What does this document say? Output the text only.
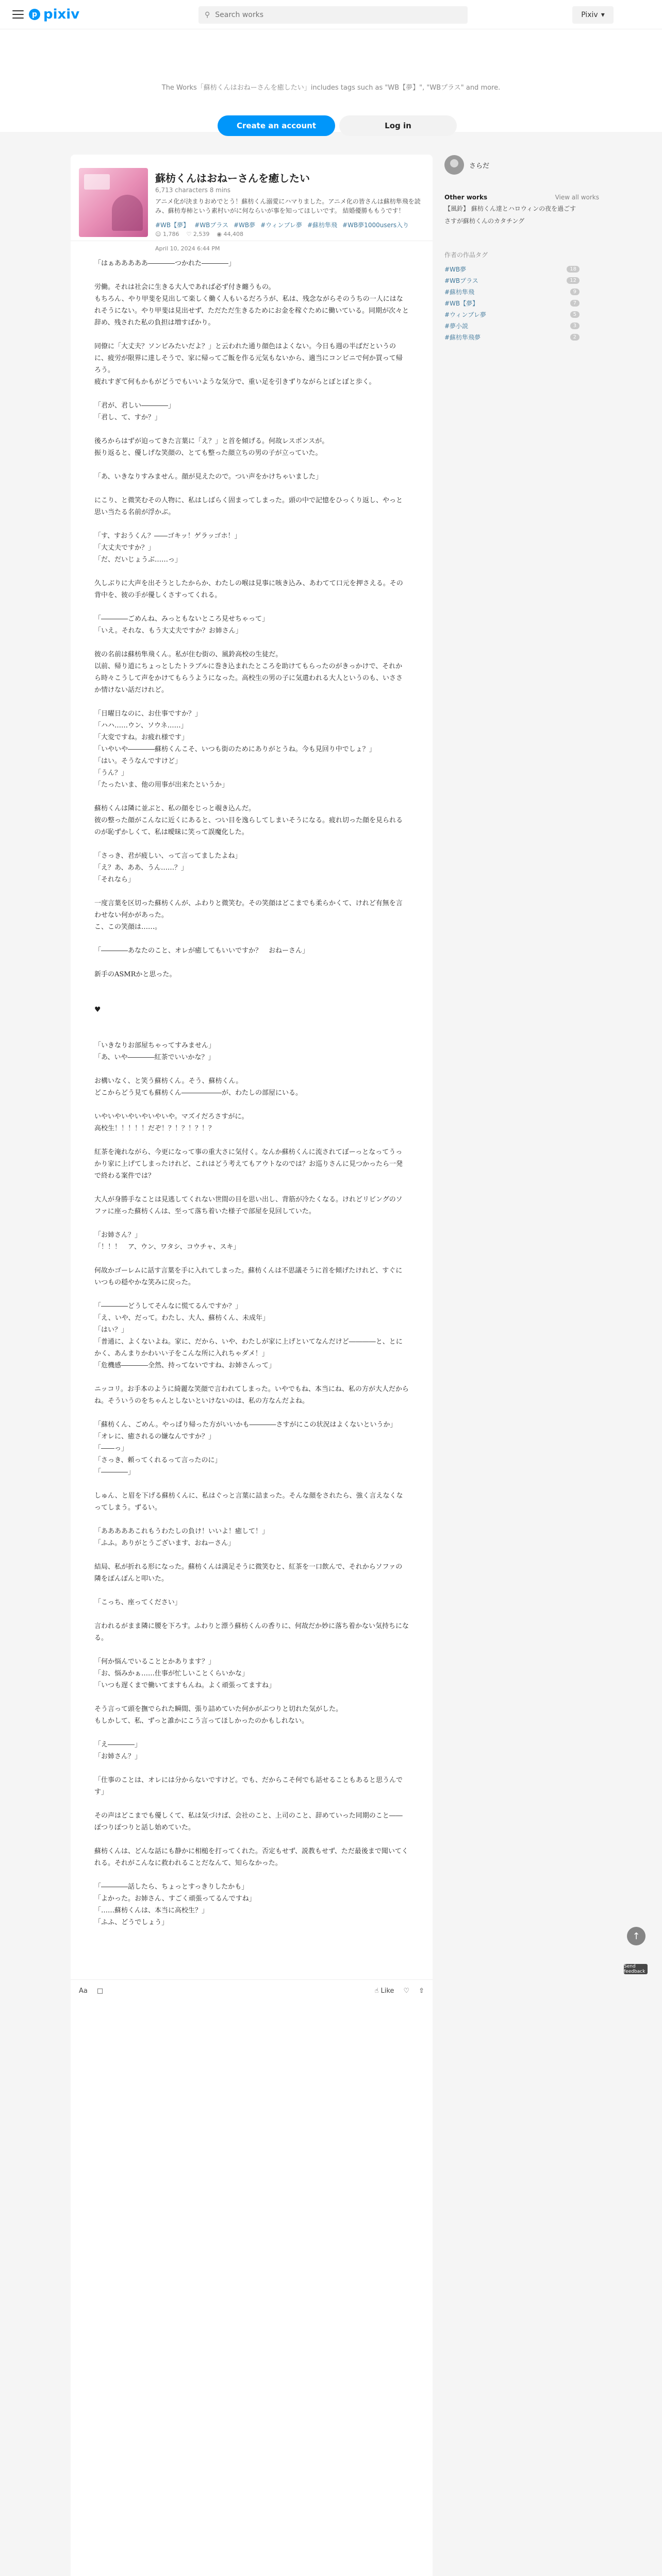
p pixiv	⚲
Search works	Pixiv ▾
The Works「蘇枋くんはおねーさんを癒したい」includes tags such as "WB【夢】", "WBプラス" and more.
Create an account	Log in
蘇枋くんはおねーさんを癒したい
6,713 characters 8 mins
アニメ化が決まりおめでとう！蘇枋くん溺愛にハマりました。アニメ化の皆さんは蘇枋隼飛を読み、蘇枋寿柿という素村いがに何ならいが事を知ってほしいです。 結婚優勝ももうです！
#WB【夢】 #WBプラス #WB夢 #ウィンブレ夢 #蘇枋隼飛 #WB夢1000users入り
☺ 1,786 ♡ 2,539 ◉ 44,408
April 10, 2024 6:44 PM

「はぁあああああ――――つかれた――――」

労働。それは社会に生きる大人であれば必ず付き纏うもの。
もちろん、やり甲斐を見出して楽しく働く人もいるだろうが、私は、残念ながらそのうちの一人にはなれそうにない。やり甲斐は見出せず、ただただ生きるためにお金を稼ぐために働いている。同期が次々と辞め、残された私の負担は増すばかり。

同僚に「大丈夫？ソンビみたいだよ？」と云われた通り顔色はよくない。今日も週の半ばだというのに、疲労が限界に達しそうで、家に帰ってご飯を作る元気もないから、適当にコンビニで何か買って帰ろう。
疲れすぎて何もかもがどうでもいいような気分で、重い足を引きずりながらとぼとぼと歩く。

「君が、君しい――――」
「君し、て、すか？」

後ろからはずが迫ってきた言葉に「え？」と首を傾げる。何故レスポンスが。
振り返ると、優しげな笑顔の、とても整った顔立ちの男の子が立っていた。

「あ、いきなりすみません。顔が見えたので。つい声をかけちゃいました」

にこり、と微笑むその人物に、私はしばらく固まってしまった。頭の中で記憶をひっくり返し、やっと思い当たる名前が浮かぶ。

「す、すおうくん？――ゴキッ！ゲラッゴホ！」
「大丈夫ですか？」
「だ、だいじょうぶ……っ」

久しぶりに大声を出そうとしたからか、わたしの喉は見事に咳き込み、あわてて口元を押さえる。その背中を、彼の手が優しくさすってくれる。

「――――ごめんね、みっともないところ見せちゃって」
「いえ。それな、もう大丈夫ですか？お姉さん」

彼の名前は蘇枋隼飛くん。私が住む街の、風鈴高校の生徒だ。
以前、帰り道にちょっとしたトラブルに巻き込まれたところを助けてもらったのがきっかけで、それから時々こうして声をかけてもらうようになった。高校生の男の子に気遣われる大人というのも、いささか情けない話だけれど。

「日曜日なのに、お仕事ですか？」
「ハハ……ウン、ソウネ……」
「大変ですね。お疲れ様です」
「いやいや――――蘇枋くんこそ、いつも街のためにありがとうね。今も見回り中でしょ？」
「はい。そうなんですけど」
「うん？」
「たったいま、他の用事が出来たというか」

蘇枋くんは隣に並ぶと、私の顔をじっと覗き込んだ。
彼の整った顔がこんなに近くにあると、つい目を逸らしてしまいそうになる。疲れ切った顔を見られるのが恥ずかしくて、私は曖昧に笑って誤魔化した。

「さっき、君が疲しい、って言ってましたよね」
「え？あ、ああ、うん……？」
「それなら」

一度言葉を区切った蘇枋くんが、ふわりと微笑む。その笑顔はどこまでも柔らかくて、けれど有無を言わせない何かがあった。
こ、この笑顔は……。

「――――あなたのこと、オレが癒してもいいですか？　おねーさん」

新手のASMRかと思った。

♥

「いきなりお部屋ちゃってすみません」
「あ、いや――――紅茶でいいかな？」

お構いなく、と笑う蘇枋くん。そう、蘇枋くん。
どこからどう見ても蘇枋くん――――――が、わたしの部屋にいる。

いやいやいやいやいやいや。マズイだろさすがに。
高校生！！！！！だぞ！？！？！？！？

紅茶を淹れながら、今更になって事の重大さに気付く。なんか蘇枋くんに流されてぼーっとなってうっかり家に上げてしまったけれど、これはどう考えてもアウトなのでは？お巡りさんに見つかったら一発で終わる案件では？

大人が身勝手なことは見逃してくれない世間の目を思い出し、背筋が冷たくなる。けれどリビングのソファに座った蘇枋くんは、至って落ち着いた様子で部屋を見回していた。

「お姉さん？」
「！！！　ア、ウン、ワタシ、コウチャ、スキ」

何故かゴーレムに話す言葉を手に入れてしまった。蘇枋くんは不思議そうに首を傾げたけれど、すぐにいつもの穏やかな笑みに戻った。

「――――どうしてそんなに慌てるんですか？」
「え、いや、だって。わたし、大人、蘇枋くん、未成年」
「はい？」
「普通に、よくないよね。家に、だから、いや、わたしが家に上げといてなんだけど――――と、とにかく、あんまりかわいい子をこんな所に入れちゃダメ！」
「危機感――――全然、持ってないですね、お姉さんって」

ニッコリ。お手本のように綺麗な笑顔で言われてしまった。いやでもね、本当にね、私の方が大人だからね。そういうのをちゃんとしないといけないのは、私の方なんだよね。

「蘇枋くん、ごめん。やっぱり帰った方がいいかも――――さすがにこの状況はよくないというか」
「オレに、癒されるの嫌なんですか？」
「――っ」
「さっき、頼ってくれるって言ったのに」
「――――」

しゅん、と眉を下げる蘇枋くんに、私はぐっと言葉に詰まった。そんな顔をされたら、強く言えなくなってしまう。ずるい。

「あああああこれもうわたしの負け！いいよ！癒して！」
「ふふ。ありがとうございます、おねーさん」

結局、私が折れる形になった。蘇枋くんは満足そうに微笑むと、紅茶を一口飲んで、それからソファの隣をぽんぽんと叩いた。

「こっち、座ってください」

言われるがまま隣に腰を下ろす。ふわりと漂う蘇枋くんの香りに、何故だか妙に落ち着かない気持ちになる。

「何か悩んでいることとかあります？」
「お、悩みかぁ……仕事が忙しいことくらいかな」
「いつも遅くまで働いてますもんね。よく頑張ってますね」

そう言って頭を撫でられた瞬間、張り詰めていた何かがぷつりと切れた気がした。
もしかして、私、ずっと誰かにこう言ってほしかったのかもしれない。

「え――――」
「お姉さん？」

「仕事のことは、オレには分からないですけど。でも、だからこそ何でも話せることもあると思うんです」

その声はどこまでも優しくて、私は気づけば、会社のこと、上司のこと、辞めていった同期のこと――ぽつりぽつりと話し始めていた。

蘇枋くんは、どんな話にも静かに相槌を打ってくれた。否定もせず、説教もせず、ただ最後まで聞いてくれる。それがこんなに救われることだなんて、知らなかった。

「――――話したら、ちょっとすっきりしたかも」
「よかった。お姉さん、すごく頑張ってるんですね」
「……蘇枋くんは、本当に高校生？」
「ふふ、どうでしょう」

Aa □	☝ Like ♡ ⇧
さらだ
Other works	View all works
【風鈴】 蘇枋くん達とハロウィンの夜を過ごす
さすが蘇枋くんのカタチング
作者の作品タグ
#WB夢	18
#WBプラス	12
#蘇枋隼飛	9
#WB【夢】	7
#ウィンブレ夢	5
#夢小説	3
#蘇枋隼飛夢	2
↑
Send feedback
